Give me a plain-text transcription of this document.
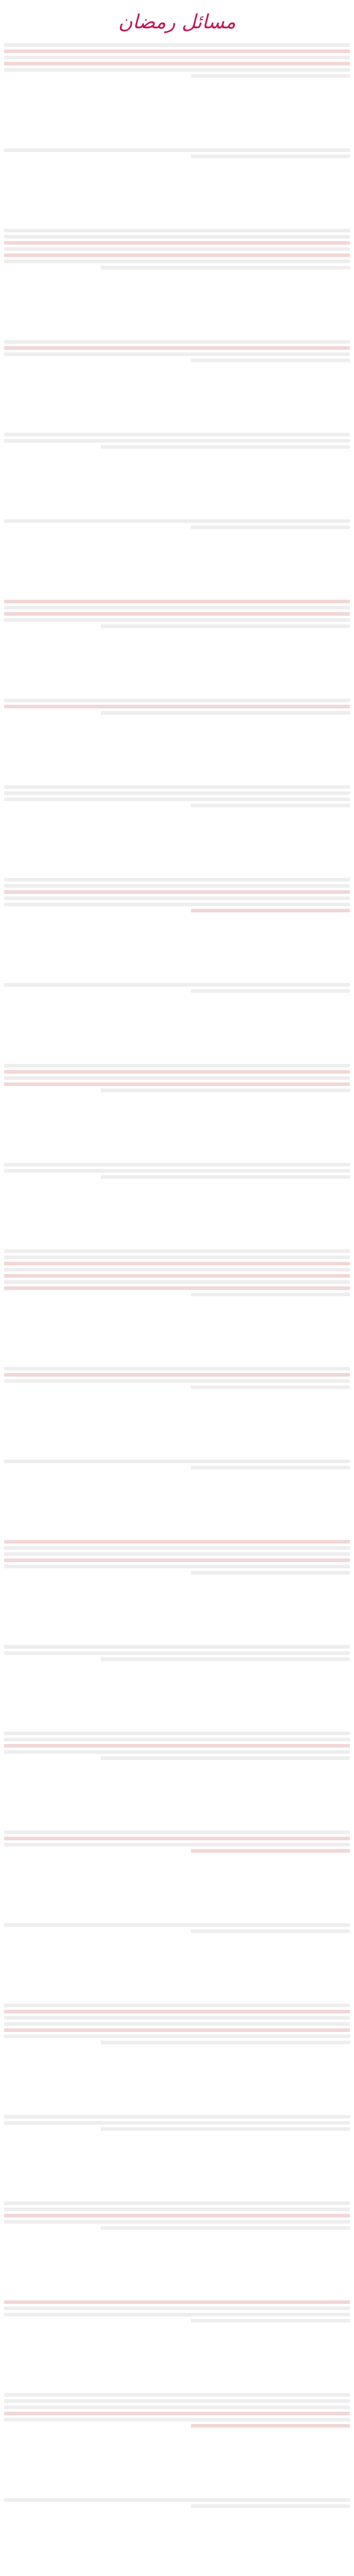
مسائل رمضان
